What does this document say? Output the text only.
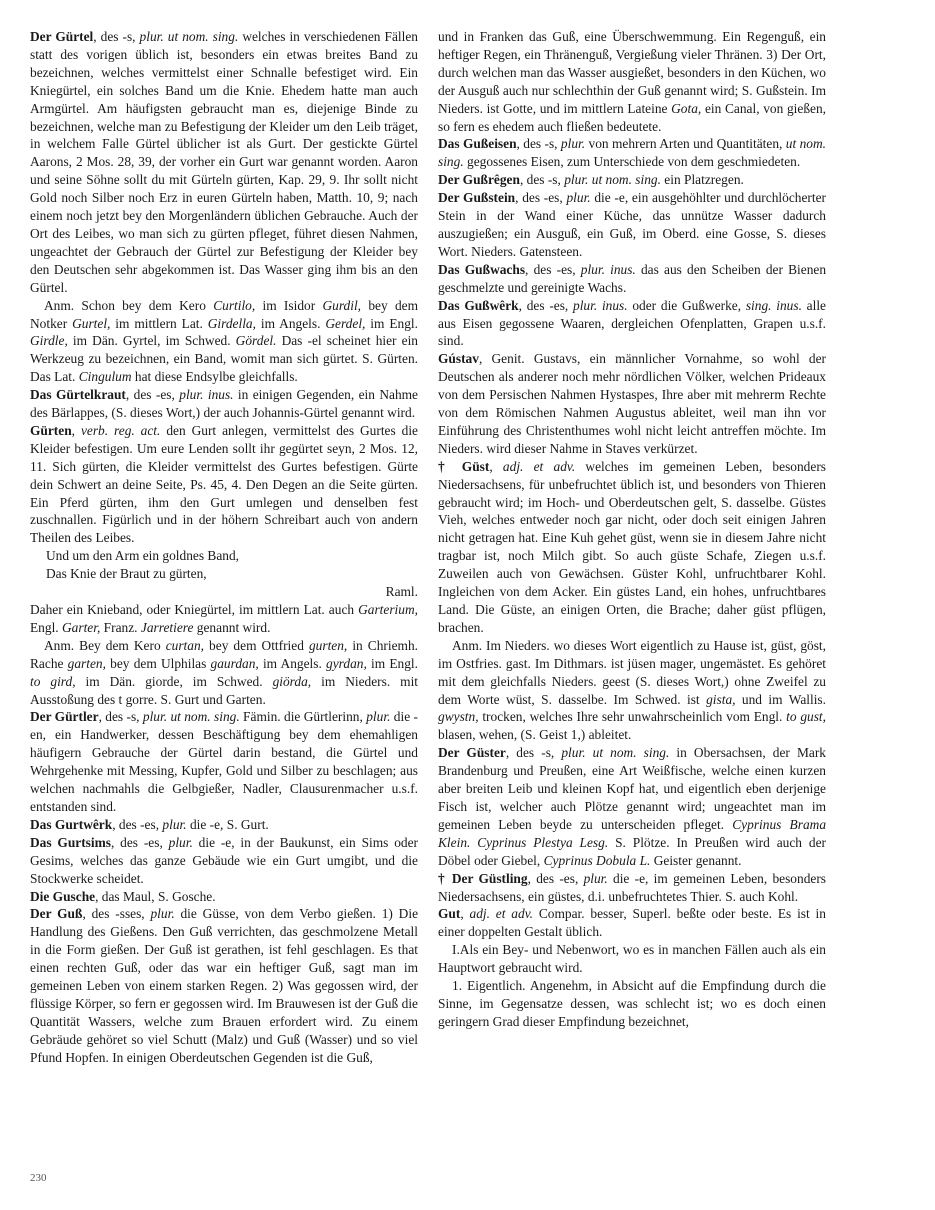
Der Gürtel, des -s, plur. ut nom. sing. welches in verschiedenen Fällen statt des vorigen üblich ist, besonders ein etwas breites Band zu bezeichnen, welches vermittelst einer Schnalle befestiget wird. Ein Kniegürtel, ein solches Band um die Knie. Ehedem hatte man auch Armgürtel. Am häufigsten gebraucht man es, diejenige Binde zu bezeichnen, welche man zu Befestigung der Kleider um den Leib träget, in welchem Falle Gürtel üblicher ist als Gurt. Der gestickte Gürtel Aarons, 2 Mos. 28, 39, der vorher ein Gurt war genannt worden. Aaron und seine Söhne sollt du mit Gürteln gürten, Kap. 29, 9. Ihr sollt nicht Gold noch Silber noch Erz in euren Gürteln haben, Matth. 10, 9; nach einem noch jetzt bey den Morgenländern üblichen Gebrauche. Auch der Ort des Leibes, wo man sich zu gürten pfleget, führet diesen Nahmen, ungeachtet der Gebrauch der Gürtel zur Befestigung der Kleider bey den Deutschen sehr abgekommen ist. Das Wasser ging ihm bis an den Gürtel.

Anm. Schon bey dem Kero Curtilo, im Isidor Gurdil, bey dem Notker Gurtel, im mittlern Lat. Girdella, im Angels. Gerdel, im Engl. Girdle, im Dän. Gyrtel, im Schwed. Gördel. Das -el scheinet hier ein Werkzeug zu bezeichnen, ein Band, womit man sich gürtet. S. Gürten. Das Lat. Cingulum hat diese Endsylbe gleichfalls.

Das Gürtelkraut, des -es, plur. inus. in einigen Gegenden, ein Nahme des Bärlappes, (S. dieses Wort,) der auch Johannis-Gürtel genannt wird.

Gürten, verb. reg. act. den Gurt anlegen, vermittelst des Gurtes die Kleider befestigen. Um eure Lenden sollt ihr gegürtet seyn, 2 Mos. 12, 11. Sich gürten, die Kleider vermittelst des Gurtes befestigen. Gürte dein Schwert an deine Seite, Ps. 45, 4. Den Degen an die Seite gürten. Ein Pferd gürten, ihm den Gurt umlegen und denselben fest zuschnallen. Figürlich und in der höhern Schreibart auch von andern Theilen des Leibes.

Und um den Arm ein goldnes Band,

Das Knie der Braut zu gürten,

Raml.

Daher ein Knieband, oder Kniegürtel, im mittlern Lat. auch Garterium, Engl. Garter, Franz. Jarretiere genannt wird.

Anm. Bey dem Kero curtan, bey dem Ottfried gurten, in Chriemh. Rache garten, bey dem Ulphilas gaurdan, im Angels. gyrdan, im Engl. to gird, im Dän. giorde, im Schwed. giörda, im Nieders. mit Ausstoßung des t gorre. S. Gurt und Garten.

Der Gürtler, des -s, plur. ut nom. sing. Fämin. die Gürtlerinn, plur. die -en, ein Handwerker, dessen Beschäftigung bey dem ehemahligen häufigern Gebrauche der Gürtel darin bestand, die Gürtel und Wehrgehenke mit Messing, Kupfer, Gold und Silber zu beschlagen; aus welchen nachmahls die Gelbgießer, Nadler, Clausurenmacher u.s.f. entstanden sind.

Das Gurtwêrk, des -es, plur. die -e, S. Gurt.

Das Gurtsims, des -es, plur. die -e, in der Baukunst, ein Sims oder Gesims, welches das ganze Gebäude wie ein Gurt umgibt, und die Stockwerke scheidet.

Die Gusche, das Maul, S. Gosche.

Der Guß, des -sses, plur. die Güsse, von dem Verbo gießen. 1) Die Handlung des Gießens. Den Guß verrichten, das geschmolzene Metall in die Form gießen. Der Guß ist gerathen, ist fehl geschlagen. Es that einen rechten Guß, oder das war ein heftiger Guß, sagt man im gemeinen Leben von einem starken Regen. 2) Was gegossen wird, der flüssige Körper, so fern er gegossen wird. Im Brauwesen ist der Guß die Quantität Wassers, welche zum Brauen erfordert wird. Zu einem Gebräude gehöret so viel Schutt (Malz) und Guß (Wasser) und so viel Pfund Hopfen. In einigen Oberdeutschen Gegenden ist die Guß,

und in Franken das Guß, eine Überschwemmung. Ein Regenguß, ein heftiger Regen, ein Thränenguß, Vergießung vieler Thränen. 3) Der Ort, durch welchen man das Wasser ausgießet, besonders in den Küchen, wo der Ausguß auch nur schlechthin der Guß genannt wird; S. Gußstein. Im Nieders. ist Gotte, und im mittlern Lateine Gota, ein Canal, von gießen, so fern es ehedem auch fließen bedeutete.

Das Gußeisen, des -s, plur. von mehrern Arten und Quantitäten, ut nom. sing. gegossenes Eisen, zum Unterschiede von dem geschmiedeten.

Der Gußrêgen, des -s, plur. ut nom. sing. ein Platzregen.

Der Gußstein, des -es, plur. die -e, ein ausgehöhlter und durchlöcherter Stein in der Wand einer Küche, das unnütze Wasser dadurch auszugießen; ein Ausguß, ein Guß, im Oberd. eine Gosse, S. dieses Wort. Nieders. Gatensteen.

Das Gußwachs, des -es, plur. inus. das aus den Scheiben der Bienen geschmelzte und gereinigte Wachs.

Das Gußwêrk, des -es, plur. inus. oder die Gußwerke, sing. inus. alle aus Eisen gegossene Waaren, dergleichen Ofenplatten, Grapen u.s.f. sind.

Gústav, Genit. Gustavs, ein männlicher Vornahme, so wohl der Deutschen als anderer noch mehr nördlichen Völker, welchen Prideaux von dem Persischen Nahmen Hystaspes, Ihre aber mit mehrerm Rechte von dem Römischen Nahmen Augustus ableitet, weil man ihn vor Einführung des Christenthumes wohl nicht leicht antreffen möchte. Im Nieders. wird dieser Nahme in Staves verkürzet.

† Güst, adj. et adv. welches im gemeinen Leben, besonders Niedersachsens, für unbefruchtet üblich ist, und besonders von Thieren gebraucht wird; im Hoch- und Oberdeutschen gelt, S. dasselbe. Güstes Vieh, welches entweder noch gar nicht, oder doch seit einigen Jahren nicht getragen hat. Eine Kuh gehet güst, wenn sie in diesem Jahre nicht tragbar ist, noch Milch gibt. So auch güste Schafe, Ziegen u.s.f. Zuweilen auch von Gewächsen. Güster Kohl, unfruchtbarer Kohl. Ingleichen von dem Acker. Ein güstes Land, ein hohes, unfruchtbares Land. Die Güste, an einigen Orten, die Brache; daher güst pflügen, brachen.

Anm. Im Nieders. wo dieses Wort eigentlich zu Hause ist, güst, göst, im Ostfries. gast. Im Dithmars. ist jüsen mager, ungemästet. Es gehöret mit dem gleichfalls Nieders. geest (S. dieses Wort,) ohne Zweifel zu dem Worte wüst, S. dasselbe. Im Schwed. ist gista, und im Wallis. gwystn, trocken, welches Ihre sehr unwahrscheinlich vom Engl. to gust, blasen, wehen, (S. Geist 1,) ableitet.

Der Güster, des -s, plur. ut nom. sing. in Obersachsen, der Mark Brandenburg und Preußen, eine Art Weißfische, welche einen kurzen aber breiten Leib und kleinen Kopf hat, und eigentlich eben derjenige Fisch ist, welcher auch Plötze genannt wird; ungeachtet man im gemeinen Leben beyde zu unterscheiden pfleget. Cyprinus Brama Klein. Cyprinus Plestya Lesg. S. Plötze. In Preußen wird auch der Döbel oder Giebel, Cyprinus Dobula L. Geister genannt.

† Der Güstling, des -es, plur. die -e, im gemeinen Leben, besonders Niedersachsens, ein güstes, d.i. unbefruchtetes Thier. S. auch Kohl.

Gut, adj. et adv. Compar. besser, Superl. beßte oder beste. Es ist in einer doppelten Gestalt üblich.

I.Als ein Bey- und Nebenwort, wo es in manchen Fällen auch als ein Hauptwort gebraucht wird.

1. Eigentlich. Angenehm, in Absicht auf die Empfindung durch die Sinne, im Gegensatze dessen, was schlecht ist; wo es doch einen geringern Grad dieser Empfindung bezeichnet,

230
